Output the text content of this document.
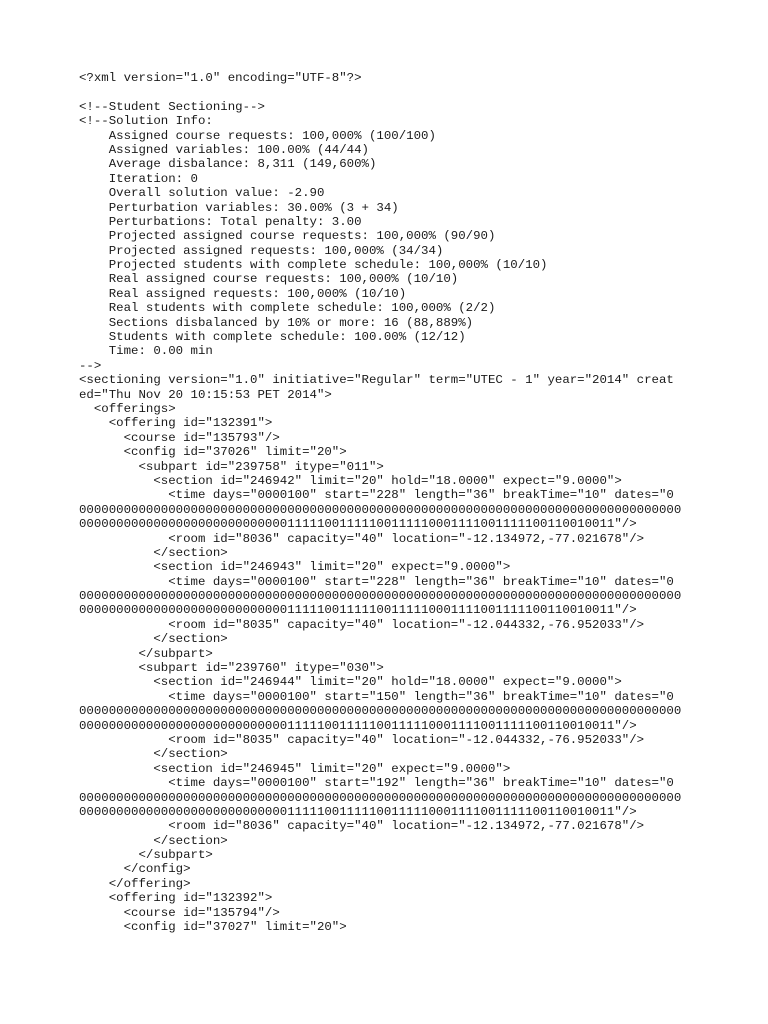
<?xml version="1.0" encoding="UTF-8"?>
<!--Student Sectioning-->
<!--Solution Info:
Assigned course requests: 100,000% (100/100)
Assigned variables: 100.00% (44/44)
Average disbalance: 8,311 (149,600%)
Iteration: 0
Overall solution value: -2.90
Perturbation variables: 30.00% (3 + 34)
Perturbations: Total penalty: 3.00
Projected assigned course requests: 100,000% (90/90)
Projected assigned requests: 100,000% (34/34)
Projected students with complete schedule: 100,000% (10/10)
Real assigned course requests: 100,000% (10/10)
Real assigned requests: 100,000% (10/10)
Real students with complete schedule: 100,000% (2/2)
Sections disbalanced by 10% or more: 16 (88,889%)
Students with complete schedule: 100.00% (12/12)
Time: 0.00 min
-->
<sectioning version="1.0" initiative="Regular" term="UTEC - 1" year="2014" creat
ed="Thu Nov 20 10:15:53 PET 2014">
<offerings>
<offering id="132391">
<course id="135793"/>
<config id="37026" limit="20">
<subpart id="239758" itype="011">
<section id="246942" limit="20" hold="18.0000" expect="9.0000">
<time days="0000100" start="228" length="36" breakTime="10" dates="0
000000000000000000000000000000000000000000000000000000000000000000000000000000000
000000000000000000000000000011111001111100111110001111001111100110010011"/>
<room id="8036" capacity="40" location="-12.134972,-77.021678"/>
</section>
<section id="246943" limit="20" expect="9.0000">
<time days="0000100" start="228" length="36" breakTime="10" dates="0
000000000000000000000000000000000000000000000000000000000000000000000000000000000
000000000000000000000000000011111001111100111110001111001111100110010011"/>
<room id="8035" capacity="40" location="-12.044332,-76.952033"/>
</section>
</subpart>
<subpart id="239760" itype="030">
<section id="246944" limit="20" hold="18.0000" expect="9.0000">
<time days="0000100" start="150" length="36" breakTime="10" dates="0
000000000000000000000000000000000000000000000000000000000000000000000000000000000
000000000000000000000000000011111001111100111110001111001111100110010011"/>
<room id="8035" capacity="40" location="-12.044332,-76.952033"/>
</section>
<section id="246945" limit="20" expect="9.0000">
<time days="0000100" start="192" length="36" breakTime="10" dates="0
000000000000000000000000000000000000000000000000000000000000000000000000000000000
000000000000000000000000000011111001111100111110001111001111100110010011"/>
<room id="8036" capacity="40" location="-12.134972,-77.021678"/>
</section>
</subpart>
</config>
</offering>
<offering id="132392">
<course id="135794"/>
<config id="37027" limit="20">
